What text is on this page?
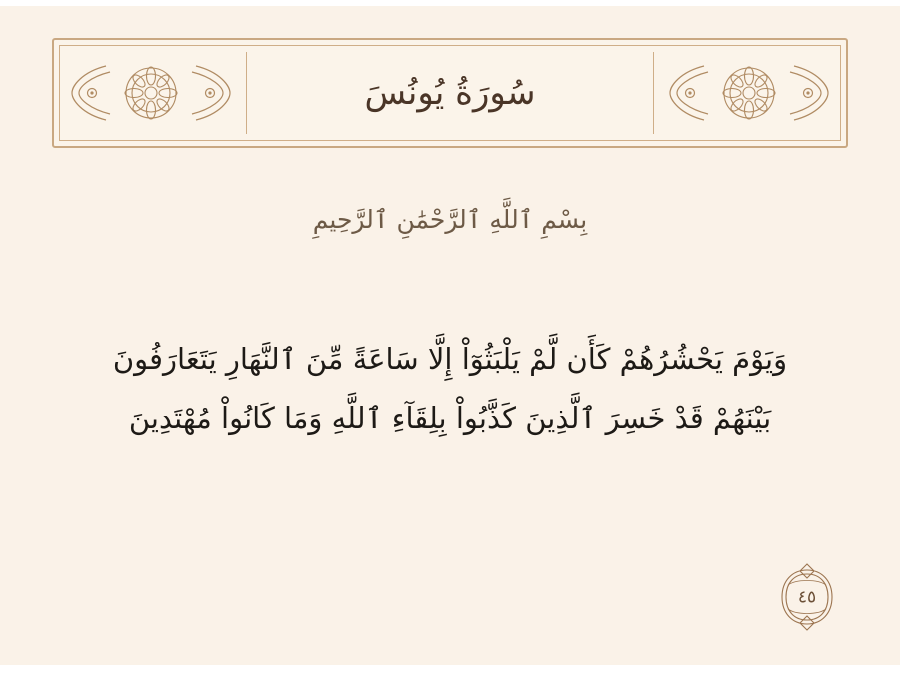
سُورَةُ يُونُسَ
بِسْمِ ٱللَّهِ ٱلرَّحْمَٰنِ ٱلرَّحِيمِ
وَيَوْمَ يَحْشُرُهُمْ كَأَن لَّمْ يَلْبَثُوٓاْ إِلَّا سَاعَةً مِّنَ ٱلنَّهَارِ يَتَعَارَفُونَ
بَيْنَهُمْ قَدْ خَسِرَ ٱلَّذِينَ كَذَّبُواْ بِلِقَآءِ ٱللَّهِ وَمَا كَانُواْ مُهْتَدِينَ
٤٥
